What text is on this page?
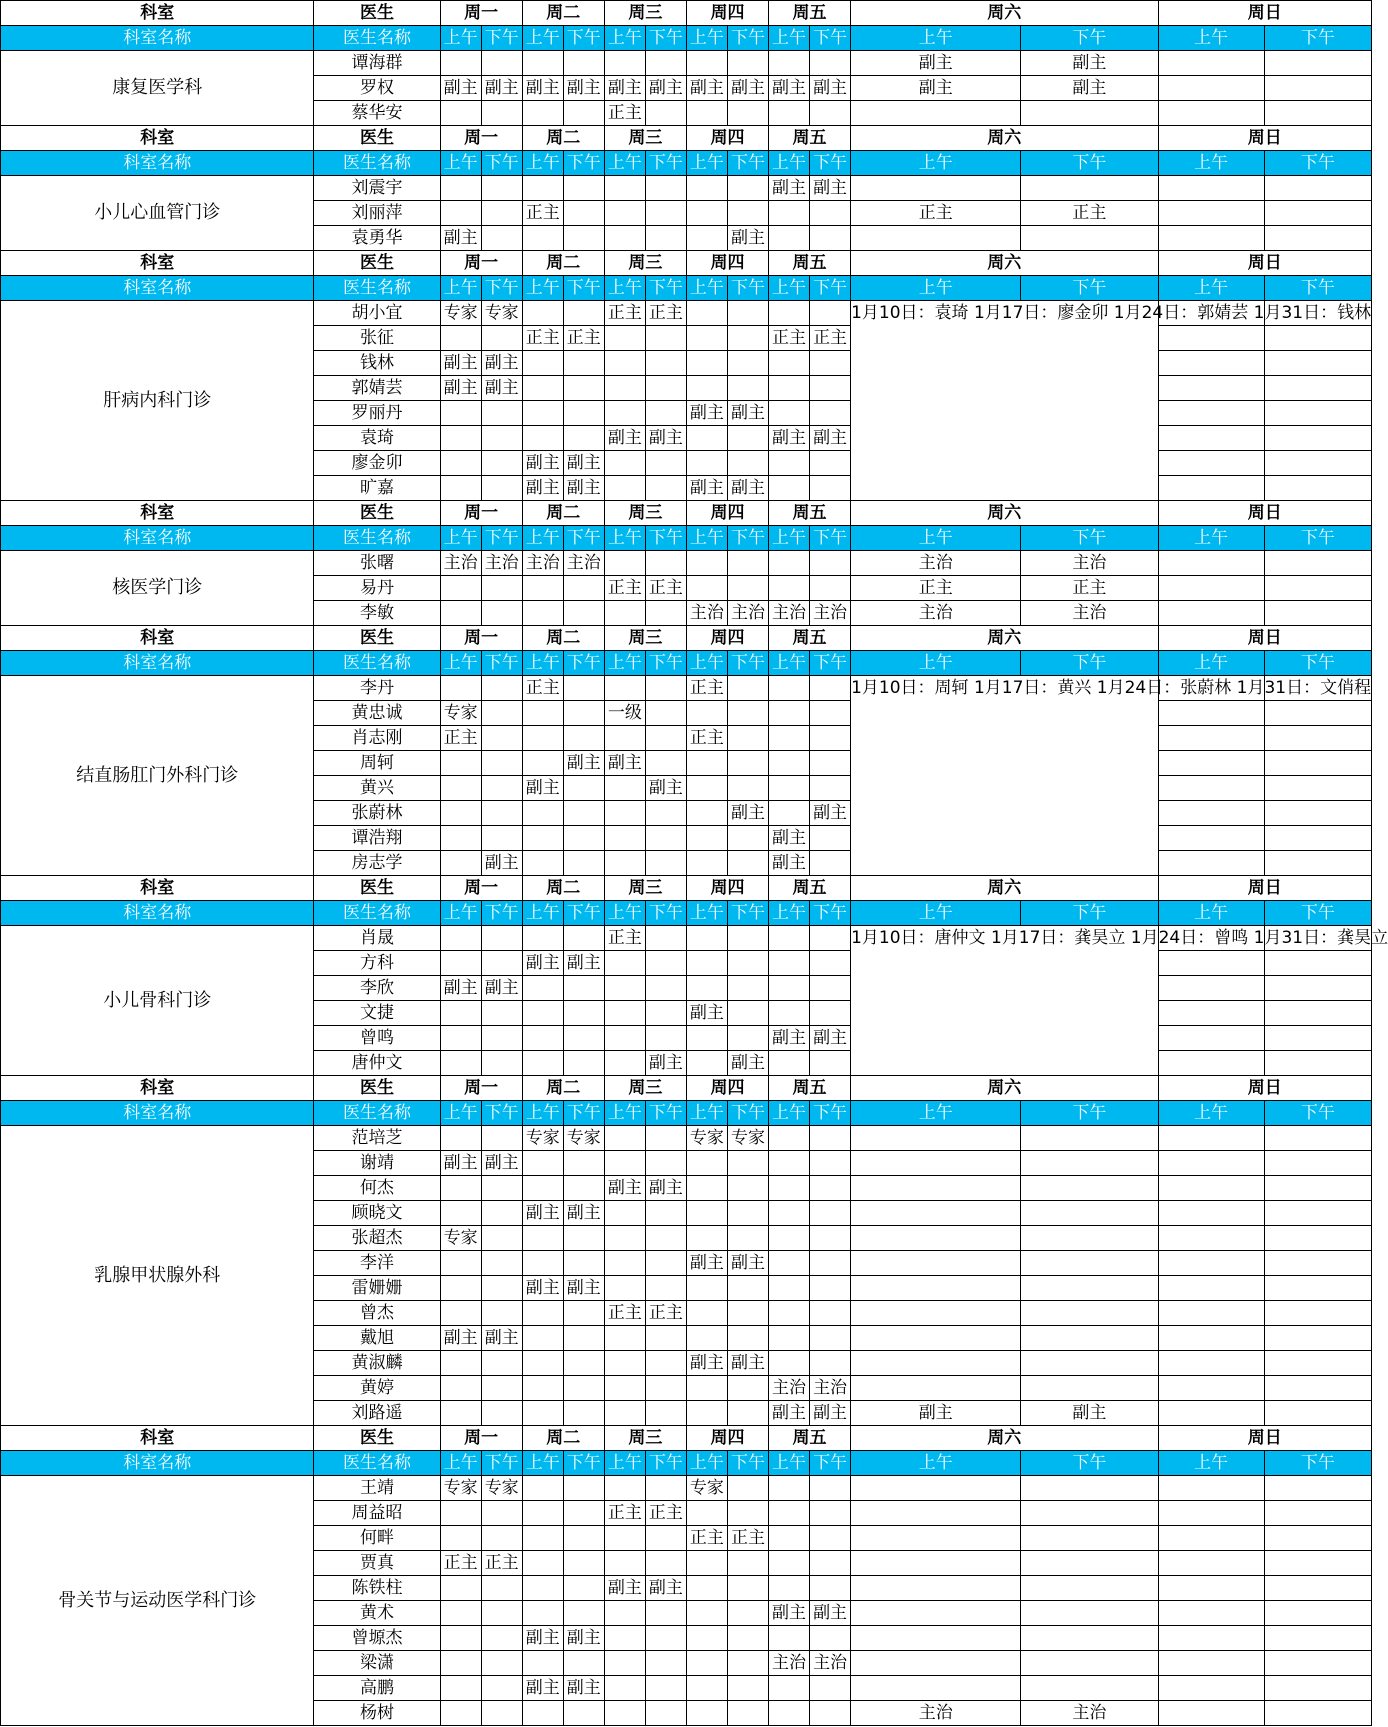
科室	医生	周一		周二		周三		周四		周五		周六		周日	
科室名称	医生名称	上午	下午	上午	下午	上午	下午	上午	下午	上午	下午	上午	下午	上午	下午
康复医学科	谭海群											副主	副主		
	罗权	副主	副主	副主	副主	副主	副主	副主	副主	副主	副主	副主	副主		
	蔡华安					正主									
科室	医生	周一		周二		周三		周四		周五		周六		周日	
科室名称	医生名称	上午	下午	上午	下午	上午	下午	上午	下午	上午	下午	上午	下午	上午	下午
小儿心血管门诊	刘震宇									副主	副主				
	刘丽萍			正主								正主	正主		
	袁勇华	副主							副主						
科室	医生	周一		周二		周三		周四		周五		周六		周日	
科室名称	医生名称	上午	下午	上午	下午	上午	下午	上午	下午	上午	下午	上午	下午	上午	下午
肝病内科门诊	胡小宜	专家	专家			正主	正主					1月10日：袁琦 1月17日：廖金卯 1月24日：郭婧芸 1月31日：钱林			
	张征			正主	正主					正主	正主				
	钱林	副主	副主												
	郭婧芸	副主	副主												
	罗丽丹							副主	副主						
	袁琦					副主	副主			副主	副主				
	廖金卯			副主	副主										
	旷嘉			副主	副主			副主	副主						
科室	医生	周一		周二		周三		周四		周五		周六		周日	
科室名称	医生名称	上午	下午	上午	下午	上午	下午	上午	下午	上午	下午	上午	下午	上午	下午
核医学门诊	张曙	主治	主治	主治	主治							主治	主治		
	易丹					正主	正主					正主	正主		
	李敏							主治	主治	主治	主治	主治	主治		
科室	医生	周一		周二		周三		周四		周五		周六		周日	
科室名称	医生名称	上午	下午	上午	下午	上午	下午	上午	下午	上午	下午	上午	下午	上午	下午
结直肠肛门外科门诊	李丹			正主				正主				1月10日：周轲 1月17日：黄兴 1月24日：张蔚林 1月31日：文俏程			
	黄忠诚	专家				一级									
	肖志刚	正主						正主							
	周轲				副主	副主									
	黄兴			副主			副主								
	张蔚林								副主		副主				
	谭浩翔									副主					
	房志学		副主							副主					
科室	医生	周一		周二		周三		周四		周五		周六		周日	
科室名称	医生名称	上午	下午	上午	下午	上午	下午	上午	下午	上午	下午	上午	下午	上午	下午
小儿骨科门诊	肖晟					正主						1月10日：唐仲文 1月17日：龚昊立 1月24日：曾鸣 1月31日：龚昊立			
	方科			副主	副主										
	李欣	副主	副主												
	文捷							副主							
	曾鸣									副主	副主				
	唐仲文						副主		副主						
科室	医生	周一		周二		周三		周四		周五		周六		周日	
科室名称	医生名称	上午	下午	上午	下午	上午	下午	上午	下午	上午	下午	上午	下午	上午	下午
乳腺甲状腺外科	范培芝			专家	专家			专家	专家						
	谢靖	副主	副主												
	何杰					副主	副主								
	顾晓文			副主	副主										
	张超杰	专家													
	李洋							副主	副主						
	雷姗姗			副主	副主										
	曾杰					正主	正主								
	戴旭	副主	副主												
	黄淑麟							副主	副主						
	黄婷									主治	主治				
	刘路遥									副主	副主	副主	副主		
科室	医生	周一		周二		周三		周四		周五		周六		周日	
科室名称	医生名称	上午	下午	上午	下午	上午	下午	上午	下午	上午	下午	上午	下午	上午	下午
骨关节与运动医学科门诊	王靖	专家	专家					专家							
	周益昭					正主	正主								
	何畔							正主	正主						
	贾真	正主	正主												
	陈铁柱					副主	副主								
	黄术									副主	副主				
	曾塬杰			副主	副主										
	梁潇									主治	主治				
	高鹏			副主	副主										
	杨树											主治	主治		
